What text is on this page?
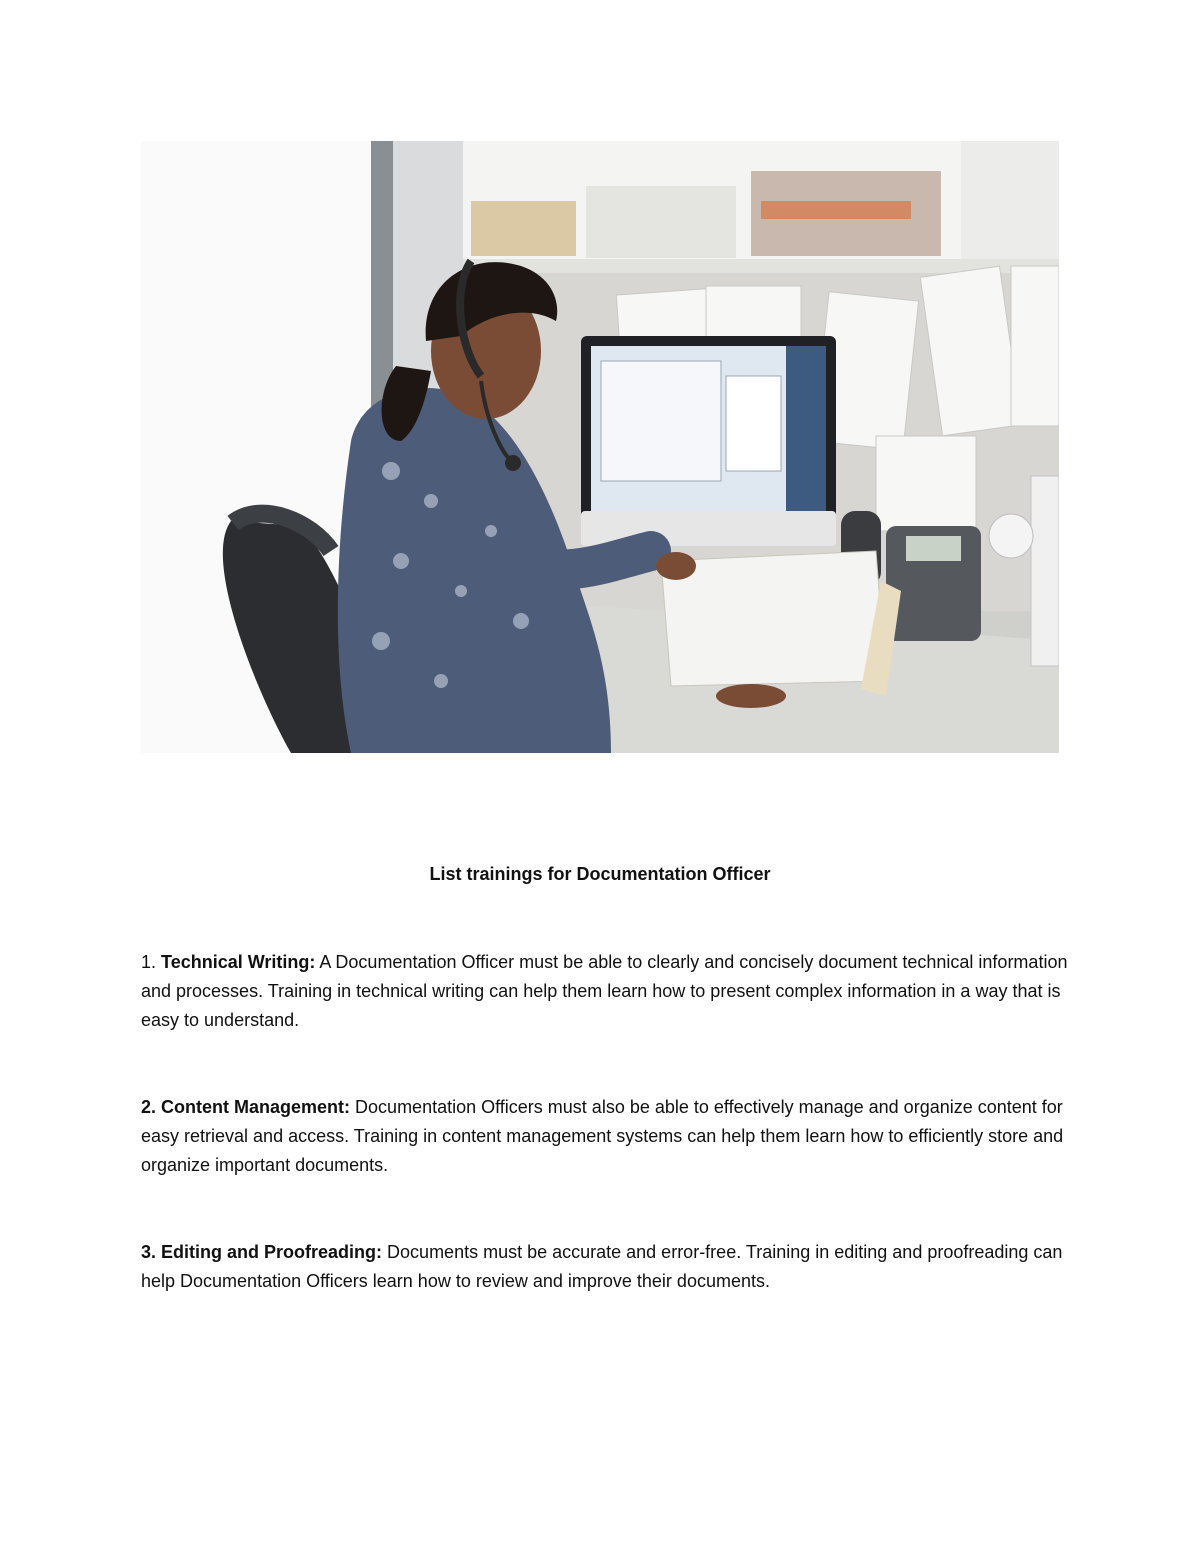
List trainings for Documentation Officer

1. Technical Writing: A Documentation Officer must be able to clearly and concisely document technical information and processes. Training in technical writing can help them learn how to present complex information in a way that is easy to understand.

2. Content Management: Documentation Officers must also be able to effectively manage and organize content for easy retrieval and access. Training in content management systems can help them learn how to efficiently store and organize important documents.

3. Editing and Proofreading: Documents must be accurate and error-free. Training in editing and proofreading can help Documentation Officers learn how to review and improve their documents.
